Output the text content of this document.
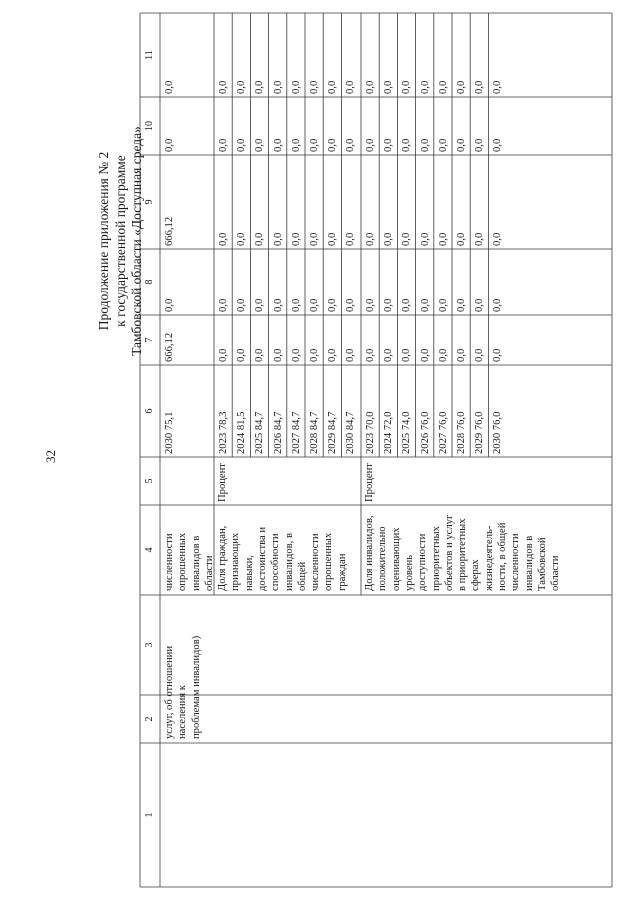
32
Продолжение приложения № 2 к государственной программе Тамбовской области «Доступная среда»
1
2
3
4
5
6
7
8
9
10
11
услуг, об отношении населения к проблемам инвалидов)
численности опрошенных инвалидов в области
2030 75,1
666,12
0,0
666,12
0,0
0,0
Доля граждан, признающих навыки, достоинства и способности инвалидов, в общей численности опрошенных граждан
Процент
2023 78,3
0,0
0,0
0,0
0,0
0,0
2024 81,5
0,0
0,0
0,0
0,0
0,0
2025 84,7
0,0
0,0
0,0
0,0
0,0
2026 84,7
0,0
0,0
0,0
0,0
0,0
2027 84,7
0,0
0,0
0,0
0,0
0,0
2028 84,7
0,0
0,0
0,0
0,0
0,0
2029 84,7
0,0
0,0
0,0
0,0
0,0
2030 84,7
0,0
0,0
0,0
0,0
0,0
Доля инвалидов, положительно оценивающих уровень доступности приоритетных объектов и услуг в приоритетных сферах жизнедеятель- ности, в общей численности инвалидов в Тамбовской области
Процент
2023 70,0
0,0
0,0
0,0
0,0
0,0
2024 72,0
0,0
0,0
0,0
0,0
0,0
2025 74,0
0,0
0,0
0,0
0,0
0,0
2026 76,0
0,0
0,0
0,0
0,0
0,0
2027 76,0
0,0
0,0
0,0
0,0
0,0
2028 76,0
0,0
0,0
0,0
0,0
0,0
2029 76,0
0,0
0,0
0,0
0,0
0,0
2030 76,0
0,0
0,0
0,0
0,0
0,0
